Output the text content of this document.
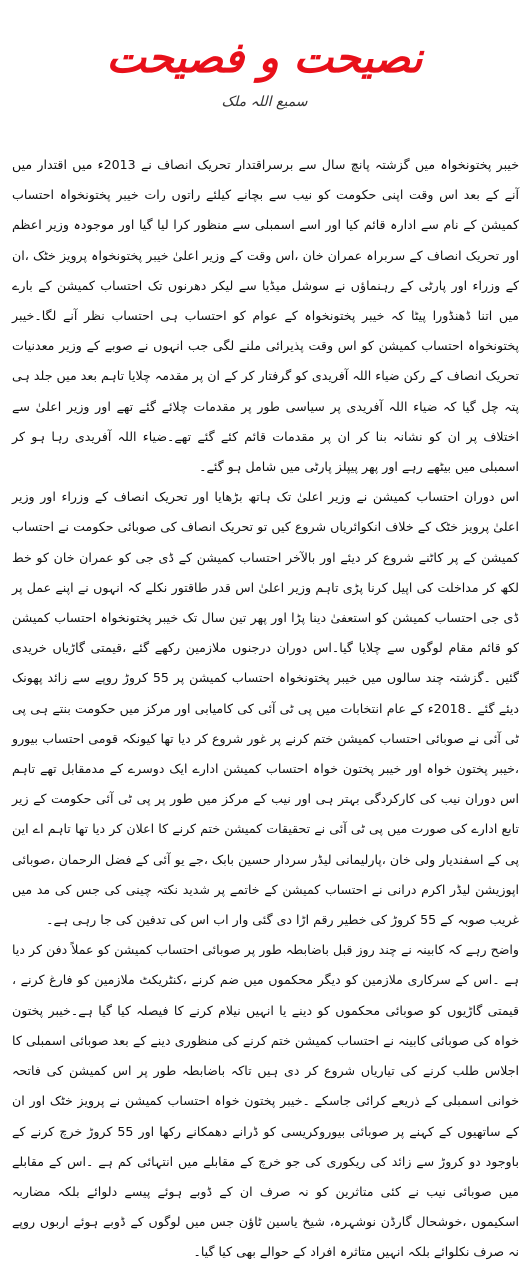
نصیحت و فصیحت
سمیع اللہ ملک

خیبر پختونخواہ میں گزشتہ پانچ سال سے برسراقتدار تحریک انصاف نے 2013ء میں اقتدار میں آنے کے بعد اس وقت اپنی حکومت کو نیب سے بچانے کیلئے راتوں رات خیبر پختونخواہ احتساب کمیشن کے نام سے ادارہ قائم کیا اور اسے اسمبلی سے منظور کرا لیا گیا اور موجودہ وزیر اعظم اور تحریک انصاف کے سربراہ عمران خان ،اس وقت کے وزیر اعلیٰ خیبر پختونخواہ پرویز خٹک ،ان کے وزراء اور پارٹی کے رہنماؤں نے سوشل میڈیا سے لیکر دھرنوں تک احتساب کمیشن کے بارے میں اتنا ڈھنڈورا پیٹا کہ خیبر پختونخواہ کے عوام کو احتساب ہی احتساب نظر آنے لگا۔خیبر پختونخواہ احتساب کمیشن کو اس وقت پذیرائی ملنے لگی جب انہوں نے صوبے کے وزیر معدنیات تحریک انصاف کے رکن ضیاء اللہ آفریدی کو گرفتار کر کے ان پر مقدمہ چلایا تاہم بعد میں جلد ہی پتہ چل گیا کہ ضیاء اللہ آفریدی پر سیاسی طور پر مقدمات چلائے گئے تھے اور وزیر اعلیٰ سے اختلاف پر ان کو نشانہ بنا کر ان پر مقدمات قائم کئے گئے تھے۔ضیاء اللہ آفریدی رہا ہو کر اسمبلی میں بیٹھے رہے اور پھر پیپلز پارٹی میں شامل ہو گئے۔

اس دوران احتساب کمیشن نے وزیر اعلیٰ تک ہاتھ بڑھایا اور تحریک انصاف کے وزراء اور وزیر اعلیٰ پرویز خٹک کے خلاف انکوائریاں شروع کیں تو تحریک انصاف کی صوبائی حکومت نے احتساب کمیشن کے پر کاٹنے شروع کر دیئے اور بالآخر احتساب کمیشن کے ڈی جی کو عمران خان کو خط لکھ کر مداخلت کی اپیل کرنا پڑی تاہم وزیر اعلیٰ اس قدر طاقتور نکلے کہ انہوں نے اپنے عمل پر ڈی جی احتساب کمیشن کو استعفیٰ دینا پڑا اور پھر تین سال تک خیبر پختونخواہ احتساب کمیشن کو قائم مقام لوگوں سے چلایا گیا۔اس دوران درجنوں ملازمین رکھے گئے ،قیمتی گاڑیاں خریدی گئیں ۔گزشتہ چند سالوں میں خیبر پختونخواہ احتساب کمیشن پر 55 کروڑ روپے سے زائد پھونک دیئے گئے ۔2018ء کے عام انتخابات میں پی ٹی آئی کی کامیابی اور مرکز میں حکومت بنتے ہی پی ٹی آئی نے صوبائی احتساب کمیشن ختم کرنے پر غور شروع کر دیا تھا کیونکہ قومی احتساب بیورو ،خیبر پختون خواہ اور خیبر پختون خواہ احتساب کمیشن ادارے ایک دوسرے کے مدمقابل تھے تاہم اس دوران نیب کی کارکردگی بہتر ہی اور نیب کے مرکز میں طور پر پی ٹی آئی حکومت کے زیر تابع ادارے کی صورت میں پی ٹی آئی نے تحقیقات کمیشن ختم کرنے کا اعلان کر دیا تھا تاہم اے این پی کے اسفندیار ولی خان ،پارلیمانی لیڈر سردار حسین بابک ،جے یو آئی کے فضل الرحمان ،صوبائی اپوزیشن لیڈر اکرم درانی نے احتساب کمیشن کے خاتمے پر شدید نکتہ چینی کی جس کی مد میں غریب صوبہ کے 55 کروڑ کی خطیر رقم اڑا دی گئی وار اب اس کی تدفین کی جا رہی ہے۔

واضح رہے کہ کابینہ نے چند روز قبل باضابطہ طور پر صوبائی احتساب کمیشن کو عملاً دفن کر دیا ہے ۔اس کے سرکاری ملازمین کو دیگر محکموں میں ضم کرنے ،کنٹریکٹ ملازمین کو فارغ کرنے ، قیمتی گاڑیوں کو صوبائی محکموں کو دینے یا انہیں نیلام کرنے کا فیصلہ کیا گیا ہے۔خیبر پختون خواہ کی صوبائی کابینہ نے احتساب کمیشن ختم کرنے کی منظوری دینے کے بعد صوبائی اسمبلی کا اجلاس طلب کرنے کی تیاریاں شروع کر دی ہیں تاکہ باضابطہ طور پر اس کمیشن کی فاتحہ خوانی اسمبلی کے ذریعے کرائی جاسکے ۔خیبر پختون خواہ احتساب کمیشن نے پرویز خٹک اور ان کے ساتھیوں کے کہنے پر صوبائی بیوروکریسی کو ڈرانے دھمکانے رکھا اور 55 کروڑ خرچ کرنے کے باوجود دو کروڑ سے زائد کی ریکوری کی جو خرچ کے مقابلے میں انتہائی کم ہے ۔اس کے مقابلے میں صوبائی نیب نے کئی متاثرین کو نہ صرف ان کے ڈوبے ہوئے پیسے دلوائے بلکہ مضاربہ اسکیموں ،خوشحال گارڈن نوشہرہ، شیخ یاسین ٹاؤن جس میں لوگوں کے ڈوبے ہوئے اربوں روپے نہ صرف نکلوائے بلکہ انہیں متاثرہ افراد کے حوالے بھی کیا گیا۔
